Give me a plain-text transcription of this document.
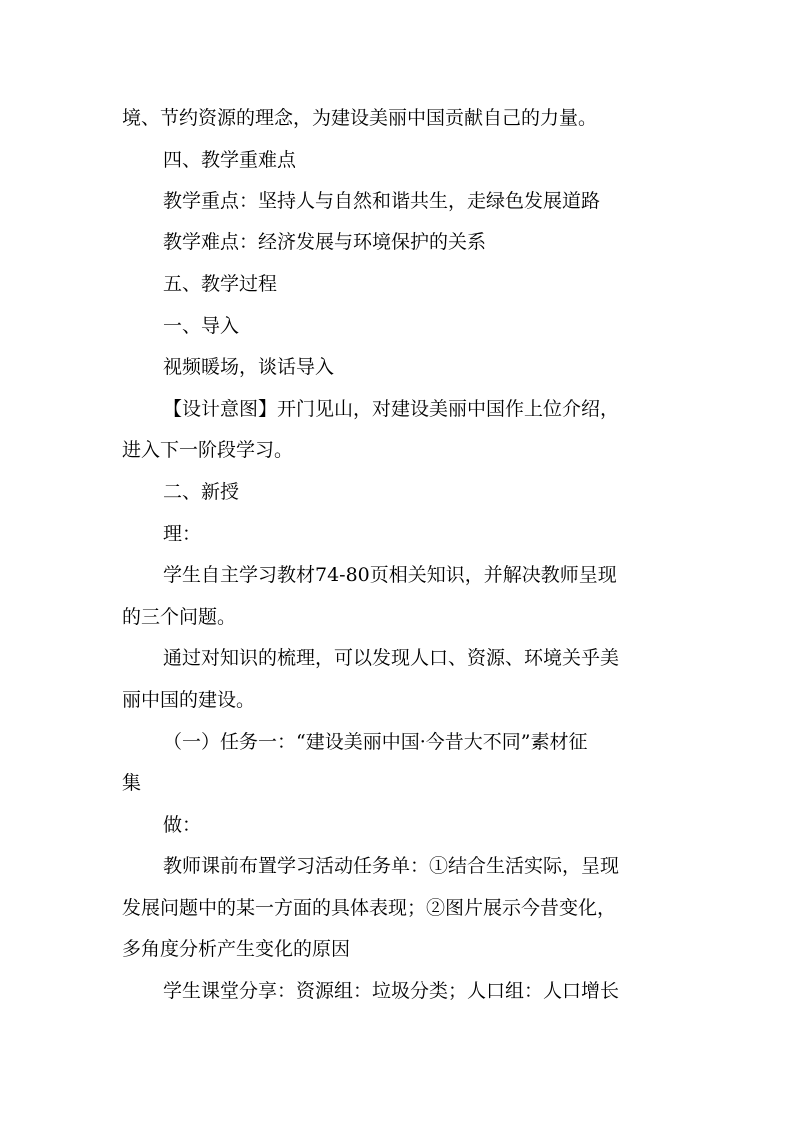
境、节约资源的理念，为建设美丽中国贡献自己的力量。
四、教学重难点
教学重点：坚持人与自然和谐共生，走绿色发展道路
教学难点：经济发展与环境保护的关系
五、教学过程
一、导入
视频暖场，谈话导入
【设计意图】开门见山，对建设美丽中国作上位介绍，
进入下一阶段学习。
二、新授
理：
学生自主学习教材74-80页相关知识，并解决教师呈现
的三个问题。
通过对知识的梳理，可以发现人口、资源、环境关乎美
丽中国的建设。
（一）任务一：“建设美丽中国·今昔大不同”素材征
集
做：
教师课前布置学习活动任务单：①结合生活实际，呈现
发展问题中的某一方面的具体表现；②图片展示今昔变化，
多角度分析产生变化的原因
学生课堂分享：资源组：垃圾分类；人口组：人口增长
